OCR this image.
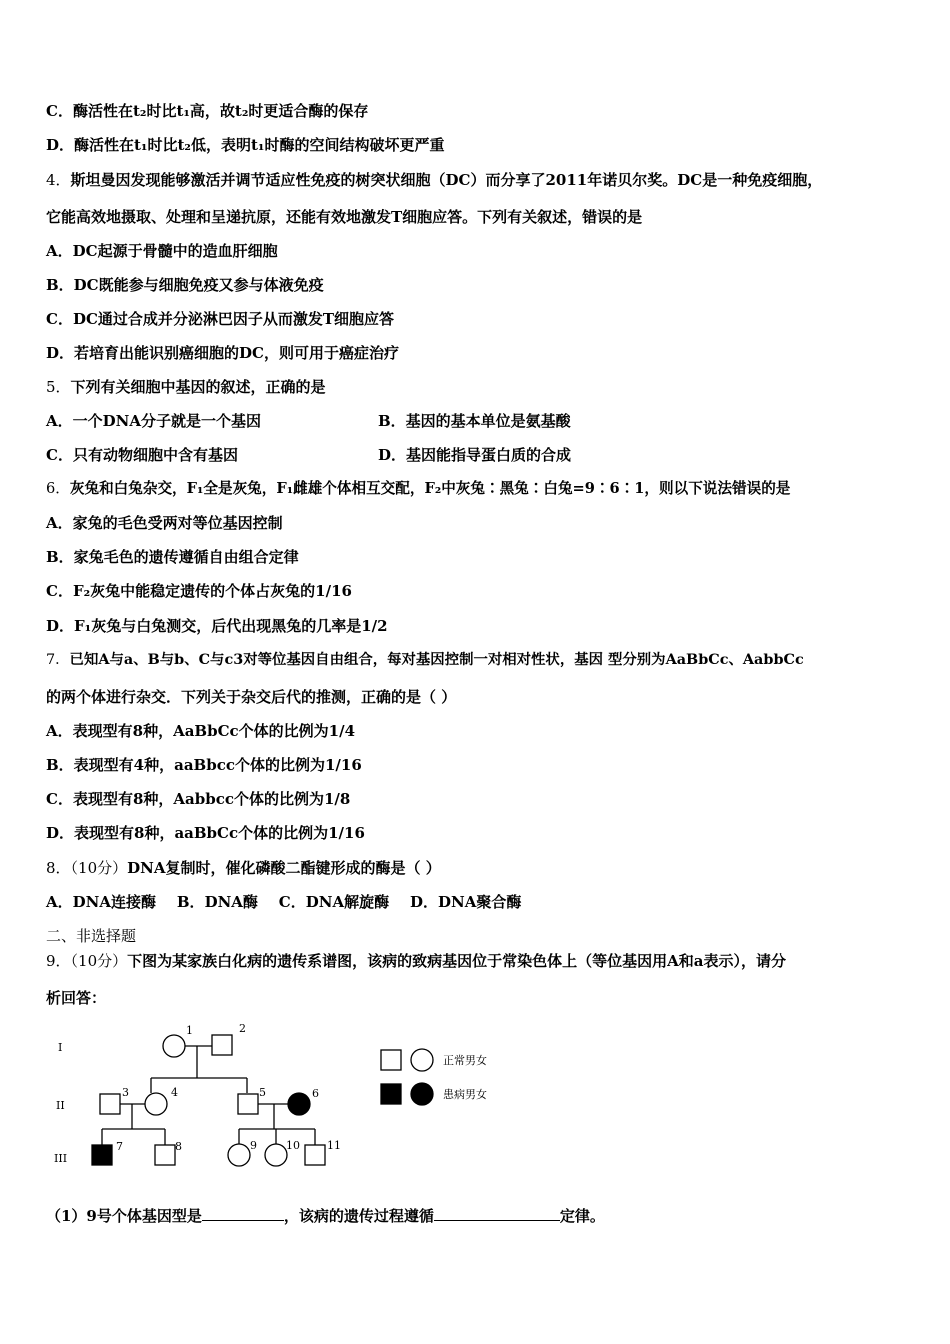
C．酶活性在t₂时比t₁高，故t₂时更适合酶的保存
D．酶活性在t₁时比t₂低，表明t₁时酶的空间结构破坏更严重
4．斯坦曼因发现能够激活并调节适应性免疫的树突状细胞（DC）而分享了2011年诺贝尔奖。DC是一种免疫细胞，
它能高效地摄取、处理和呈递抗原，还能有效地激发T细胞应答。下列有关叙述，错误的是
A．DC起源于骨髓中的造血肝细胞
B．DC既能参与细胞免疫又参与体液免疫
C．DC通过合成并分泌淋巴因子从而激发T细胞应答
D．若培育出能识别癌细胞的DC，则可用于癌症治疗
5．下列有关细胞中基因的叙述，正确的是
A．一个DNA分子就是一个基因	B．基因的基本单位是氨基酸
C．只有动物细胞中含有基因	D．基因能指导蛋白质的合成
6．灰兔和白兔杂交，F₁全是灰兔，F₁雌雄个体相互交配，F₂中灰兔∶黑兔∶白兔=9∶6∶1，则以下说法错误的是
A．家兔的毛色受两对等位基因控制
B．家兔毛色的遗传遵循自由组合定律
C．F₂灰兔中能稳定遗传的个体占灰兔的1/16
D．F₁灰兔与白兔测交，后代出现黑兔的几率是1/2
7．已知A与a、B与b、C与c3对等位基因自由组合，每对基因控制一对相对性状，基因 型分别为AaBbCc、AabbCc
的两个体进行杂交．下列关于杂交后代的推测，正确的是（ ）
A．表现型有8种，AaBbCc个体的比例为1/4
B．表现型有4种，aaBbcc个体的比例为1/16
C．表现型有8种，Aabbcc个体的比例为1/8
D．表现型有8种，aaBbCc个体的比例为1/16
8．（10分）DNA复制时，催化磷酸二酯键形成的酶是（ ）
A．DNA连接酶    B．DNA酶    C．DNA解旋酶    D．DNA聚合酶
二、非选择题
9．（10分）下图为某家族白化病的遗传系谱图，该病的致病基因位于常染色体上（等位基因用A和a表示），请分
析回答：
I
II
III
1	2
3	4	5	6
7	8	9	10 11
正常男女
患病男女
（1）9号个体基因型是	，该病的遗传过程遵循	定律。
